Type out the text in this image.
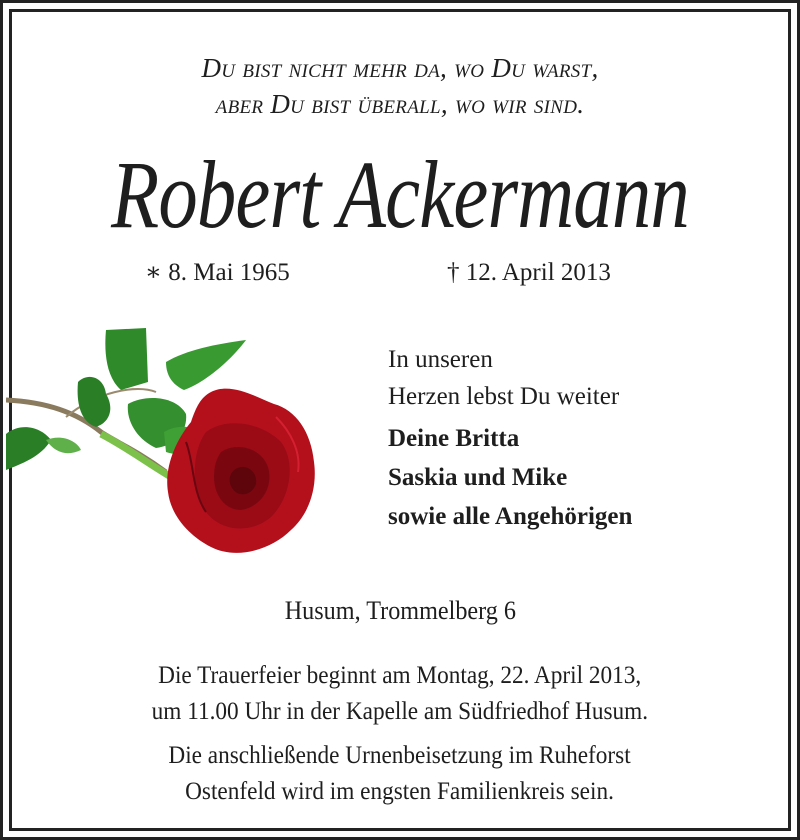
Du bist nicht mehr da, wo Du warst,
aber Du bist überall, wo wir sind.
Robert Ackermann
∗ 8. Mai 1965	† 12. April 2013
In unseren
Herzen lebst Du weiter
Deine Britta
Saskia und Mike
sowie alle Angehörigen
Husum, Trommelberg 6
Die Trauerfeier beginnt am Montag, 22. April 2013,
um 11.00 Uhr in der Kapelle am Südfriedhof Husum.
Die anschließende Urnenbeisetzung im Ruheforst
Ostenfeld wird im engsten Familienkreis sein.
